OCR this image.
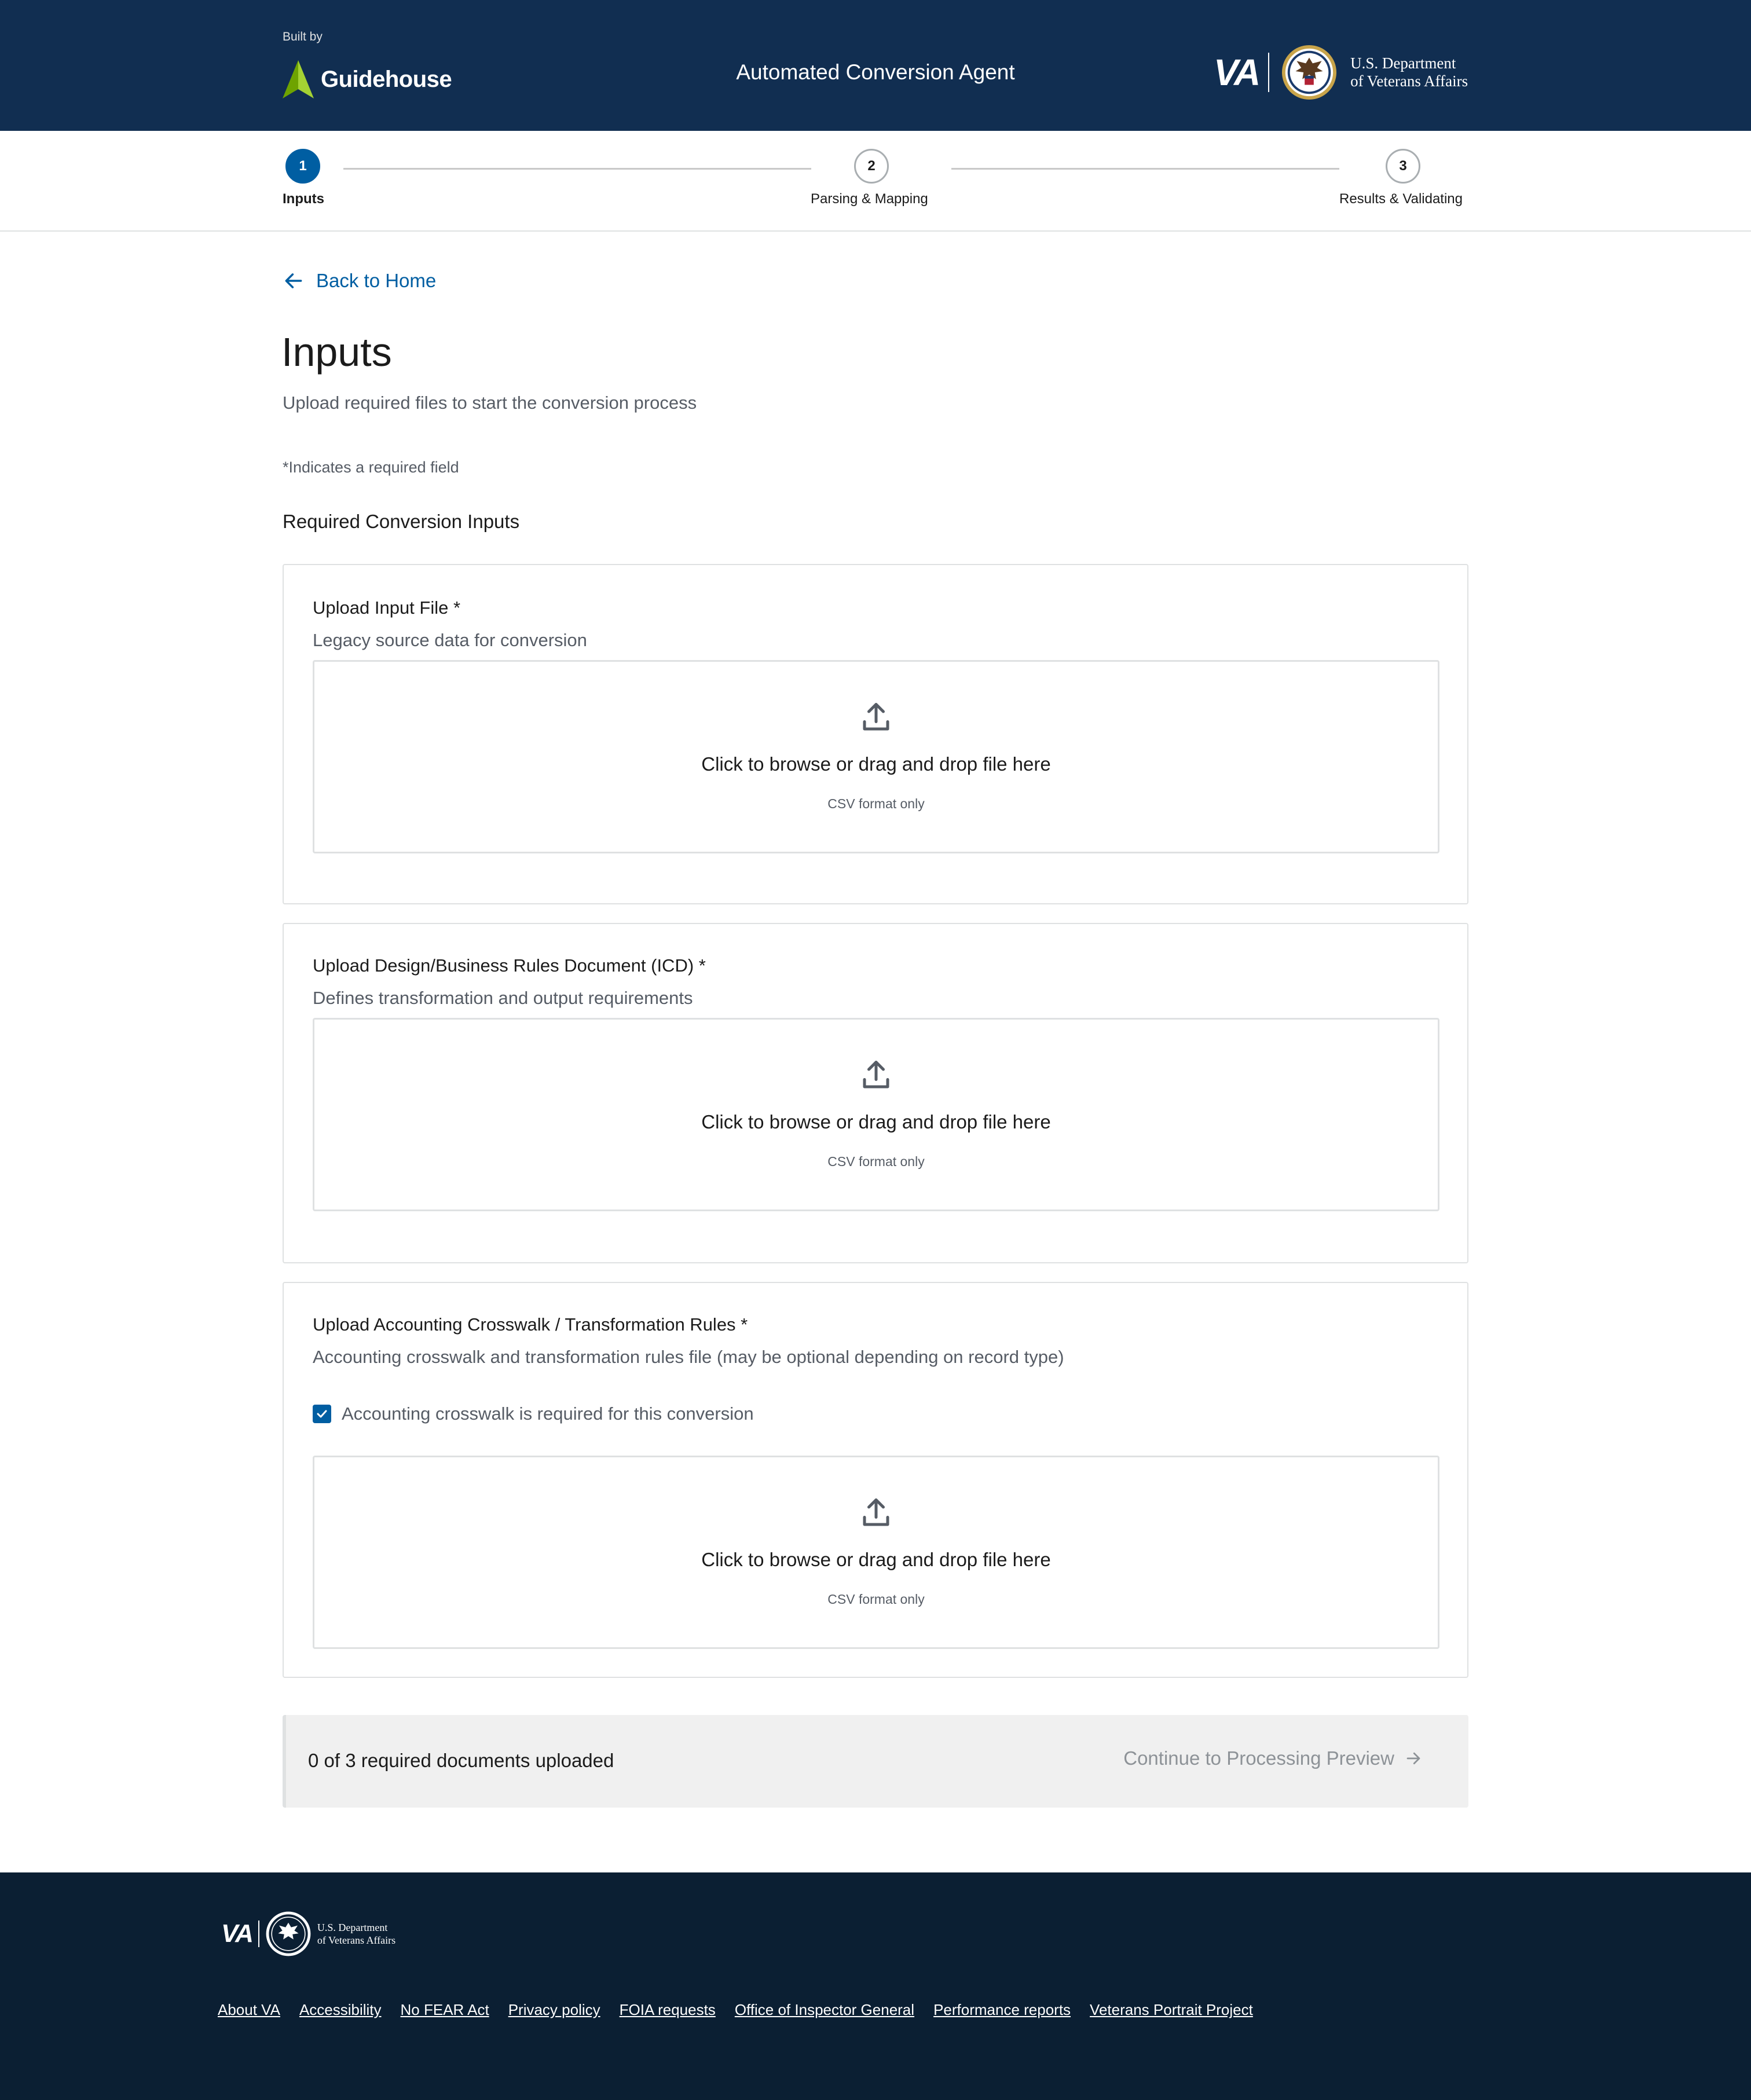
Built by
Guidehouse	Automated Conversion Agent	VA	U.S. Department
of Veterans Affairs
1
Inputs
2
Parsing & Mapping
3
Results & Validating
Back to Home
Inputs
Upload required files to start the conversion process
*Indicates a required field
Required Conversion Inputs
Upload Input File *
Legacy source data for conversion
Click to browse or drag and drop file here
CSV format only
Upload Design/Business Rules Document (ICD) *
Defines transformation and output requirements
Click to browse or drag and drop file here
CSV format only
Upload Accounting Crosswalk / Transformation Rules *
Accounting crosswalk and transformation rules file (may be optional depending on record type)
Accounting crosswalk is required for this conversion
Click to browse or drag and drop file here
CSV format only
0 of 3 required documents uploaded	Continue to Processing Preview
VA	U.S. Department
of Veterans Affairs
About VA Accessibility No FEAR Act Privacy policy FOIA requests Office of Inspector General Performance reports Veterans Portrait Project
